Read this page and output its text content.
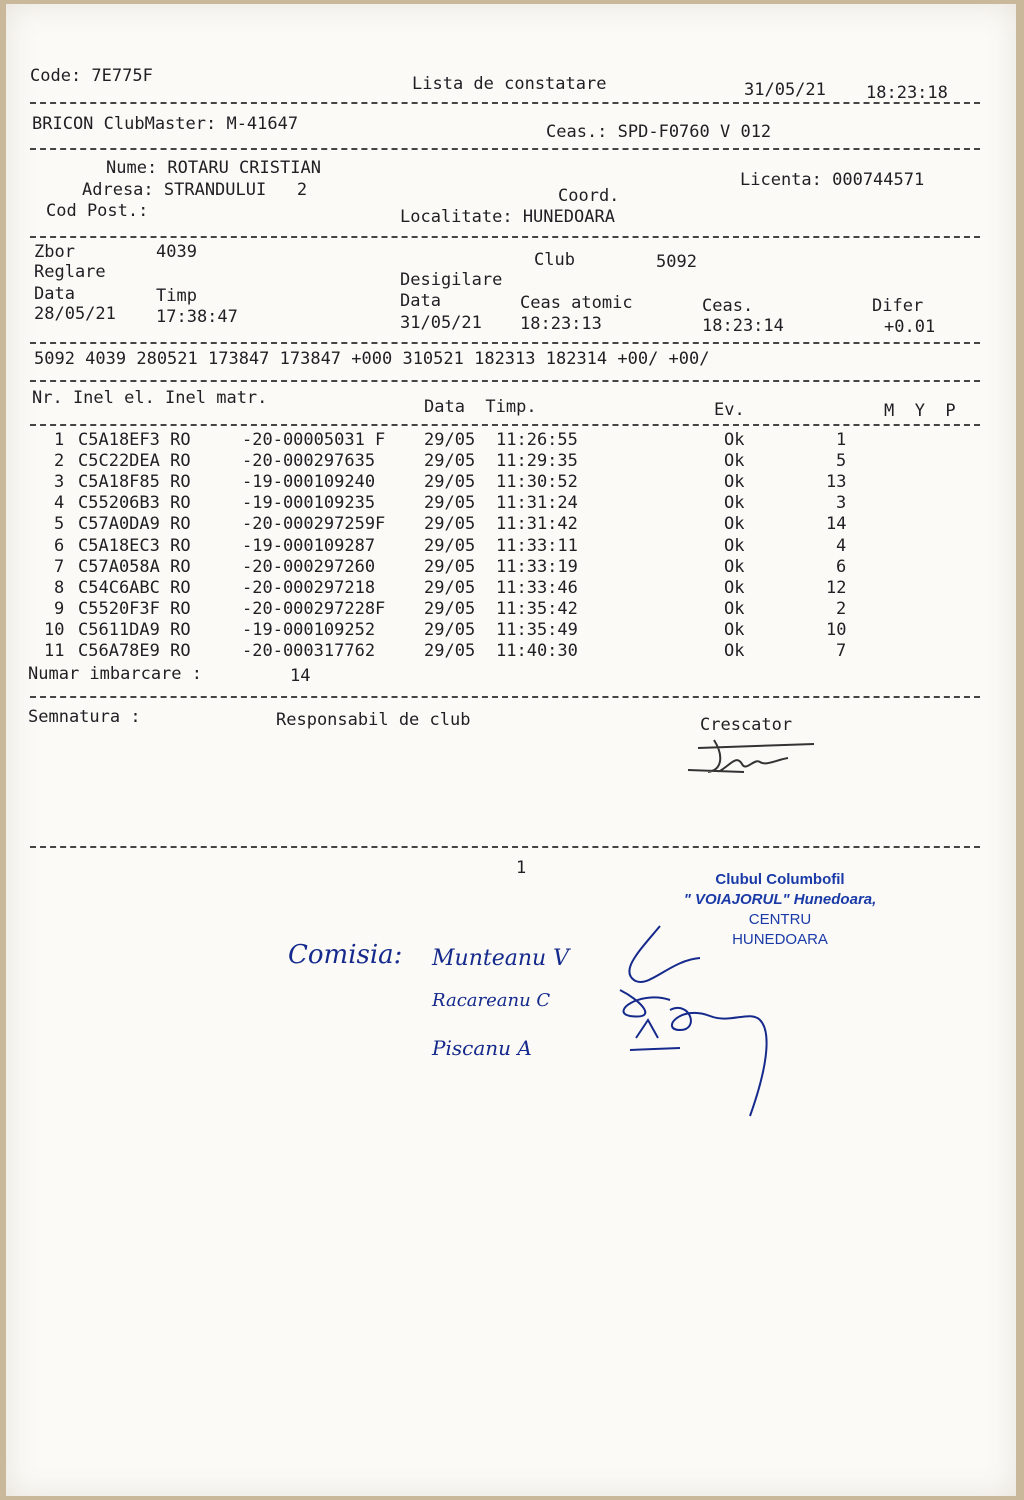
Code: 7E775F	Lista de constatare	31/05/21 18:23:18
BRICON ClubMaster: M-41647	Ceas.: SPD-F0760 V 012
Nume: ROTARU CRISTIAN
Adresa: STRANDULUI   2
Cod Post.:
Licenta: 000744571
Coord.
Localitate: HUNEDOARA
Zbor	4039	Club	5092
Reglare	Desigilare
Data	Timp	Data	Ceas atomic	Ceas.	Difer
28/05/21 17:38:47	31/05/21 18:23:13	18:23:14	+0.01
5092 4039 280521 173847 173847 +000 310521 182313 182314 +00/ +00/
Nr. Inel el. Inel matr.	Data  Timp.	Ev.	M  Y  P
1 C5A18EF3 RO	-20-00005031 F 29/05 11:26:55	Ok	1
2 C5C22DEA RO	-20-000297635	29/05 11:29:35	Ok	5
3 C5A18F85 RO	-19-000109240	29/05 11:30:52	Ok	13
4 C55206B3 RO	-19-000109235	29/05 11:31:24	Ok	3
5 C57A0DA9 RO	-20-000297259F 29/05 11:31:42	Ok	14
6 C5A18EC3 RO	-19-000109287	29/05 11:33:11	Ok	4
7 C57A058A RO	-20-000297260	29/05 11:33:19	Ok	6
8 C54C6ABC RO	-20-000297218	29/05 11:33:46	Ok	12
9 C5520F3F RO	-20-000297228F 29/05 11:35:42	Ok	2
10 C5611DA9 RO	-19-000109252	29/05 11:35:49	Ok	10
11 C56A78E9 RO	-20-000317762	29/05 11:40:30	Ok	7
Numar imbarcare :	14
Semnatura :	Responsabil de club	Crescator
1
Clubul Columbofil
" VOIAJORUL" Hunedoara,
CENTRU
HUNEDOARA
Comisia: Munteanu V
Racareanu C
Piscanu A
